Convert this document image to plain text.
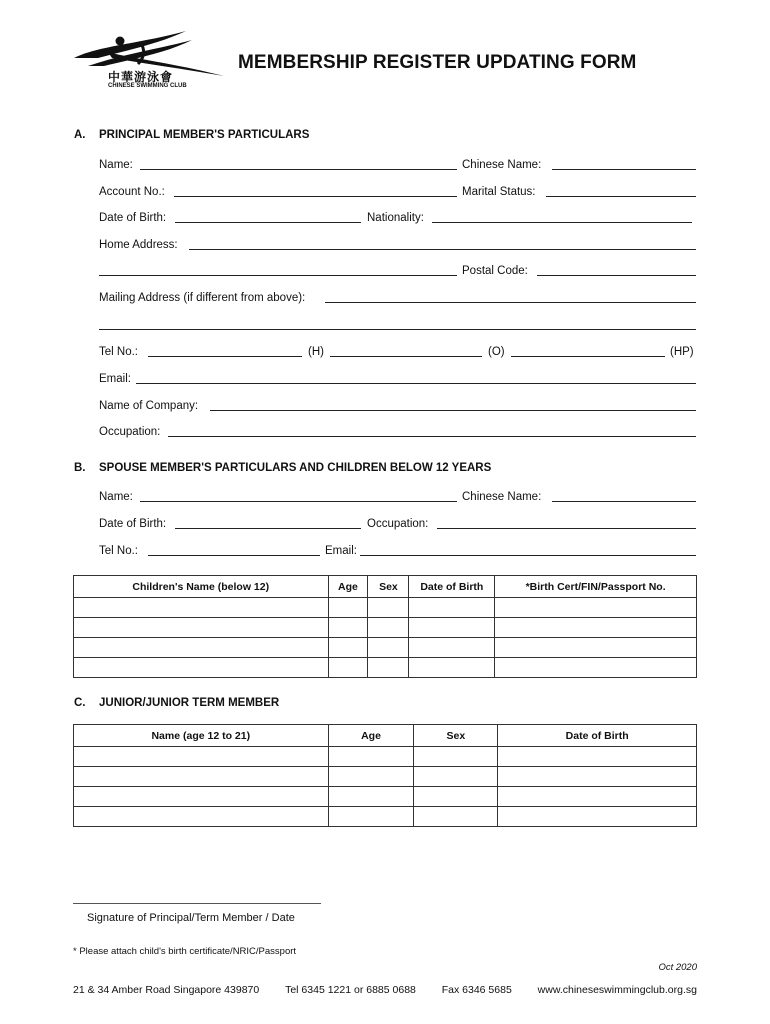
中華游泳會
CHINESE SWIMMING CLUB
MEMBERSHIP REGISTER UPDATING FORM
A. PRINCIPAL MEMBER'S PARTICULARS
Name:	Chinese Name:
Account No.:	Marital Status:
Date of Birth:	Nationality:
Home Address:
Postal Code:
Mailing Address (if different from above):
Tel No.:	(H)	(O)	(HP)
Email:
Name of Company:
Occupation:
B. SPOUSE MEMBER'S PARTICULARS AND CHILDREN BELOW 12 YEARS
Name:	Chinese Name:
Date of Birth:	Occupation:
Tel No.:	Email:
Children's Name (below 12)	Age	Sex	Date of Birth	*Birth Cert/FIN/Passport No.

C. JUNIOR/JUNIOR TERM MEMBER
Name (age 12 to 21)	Age	Sex	Date of Birth

Signature of Principal/Term Member / Date
* Please attach child's birth certificate/NRIC/Passport
Oct 2020
21 & 34 Amber Road Singapore 439870 Tel 6345 1221 or 6885 0688 Fax 6346 5685 www.chineseswimmingclub.org.sg
